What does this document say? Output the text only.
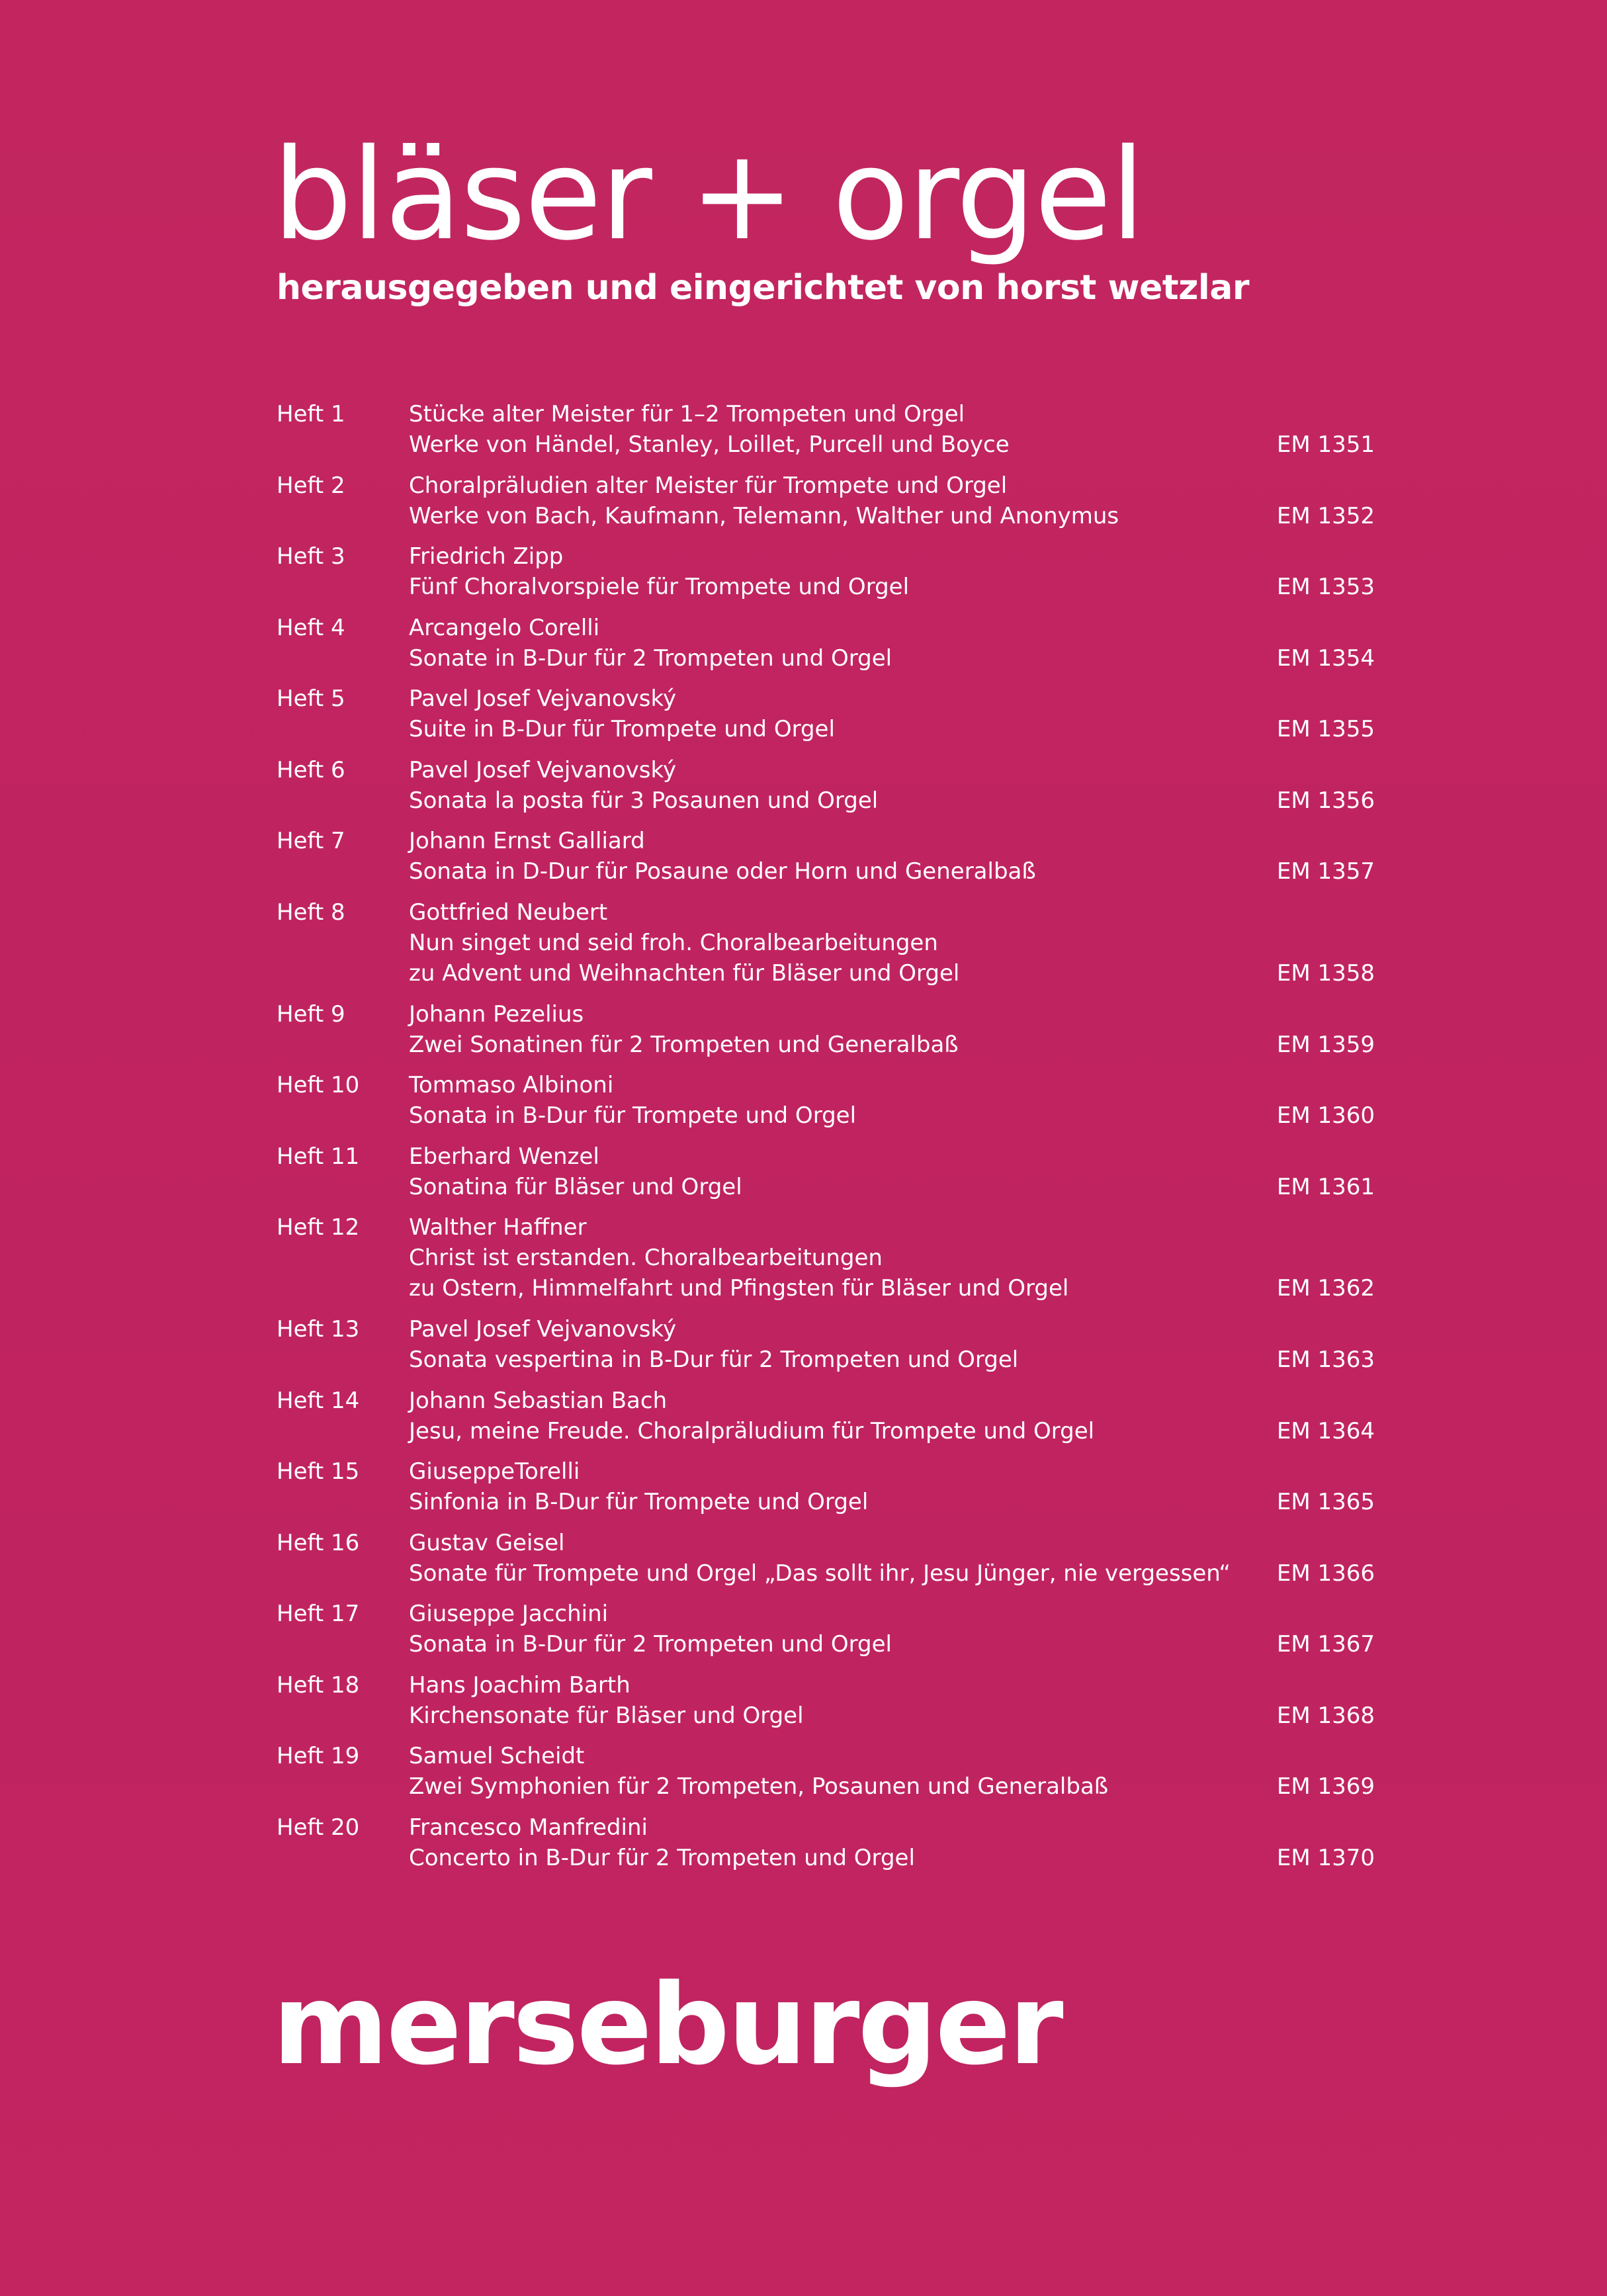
bläser + orgel
herausgegeben und eingerichtet von horst wetzlar
Heft 1	Stücke alter Meister für 1–2 Trompeten und Orgel
Werke von Händel, Stanley, Loillet, Purcell und Boyce	EM 1351
Heft 2	Choralpräludien alter Meister für Trompete und Orgel
Werke von Bach, Kaufmann, Telemann, Walther und Anonymus	EM 1352
Heft 3	Friedrich Zipp
Fünf Choralvorspiele für Trompete und Orgel	EM 1353
Heft 4	Arcangelo Corelli
Sonate in B-Dur für 2 Trompeten und Orgel	EM 1354
Heft 5	Pavel Josef Vejvanovský
Suite in B-Dur für Trompete und Orgel	EM 1355
Heft 6	Pavel Josef Vejvanovský
Sonata la posta für 3 Posaunen und Orgel	EM 1356
Heft 7	Johann Ernst Galliard
Sonata in D-Dur für Posaune oder Horn und Generalbaß	EM 1357
Heft 8	Gottfried Neubert
Nun singet und seid froh. Choralbearbeitungen
zu Advent und Weihnachten für Bläser und Orgel	EM 1358
Heft 9	Johann Pezelius
Zwei Sonatinen für 2 Trompeten und Generalbaß	EM 1359
Heft 10 Tommaso Albinoni
Sonata in B-Dur für Trompete und Orgel	EM 1360
Heft 11 Eberhard Wenzel
Sonatina für Bläser und Orgel	EM 1361
Heft 12 Walther Haffner
Christ ist erstanden. Choralbearbeitungen
zu Ostern, Himmelfahrt und Pfingsten für Bläser und Orgel	EM 1362
Heft 13 Pavel Josef Vejvanovský
Sonata vespertina in B-Dur für 2 Trompeten und Orgel	EM 1363
Heft 14 Johann Sebastian Bach
Jesu, meine Freude. Choralpräludium für Trompete und Orgel	EM 1364
Heft 15 GiuseppeTorelli
Sinfonia in B-Dur für Trompete und Orgel	EM 1365
Heft 16 Gustav Geisel
Sonate für Trompete und Orgel „Das sollt ihr, Jesu Jünger, nie vergessen“ EM 1366
Heft 17 Giuseppe Jacchini
Sonata in B-Dur für 2 Trompeten und Orgel	EM 1367
Heft 18 Hans Joachim Barth
Kirchensonate für Bläser und Orgel	EM 1368
Heft 19 Samuel Scheidt
Zwei Symphonien für 2 Trompeten, Posaunen und Generalbaß	EM 1369
Heft 20 Francesco Manfredini
Concerto in B-Dur für 2 Trompeten und Orgel	EM 1370
merseburger
